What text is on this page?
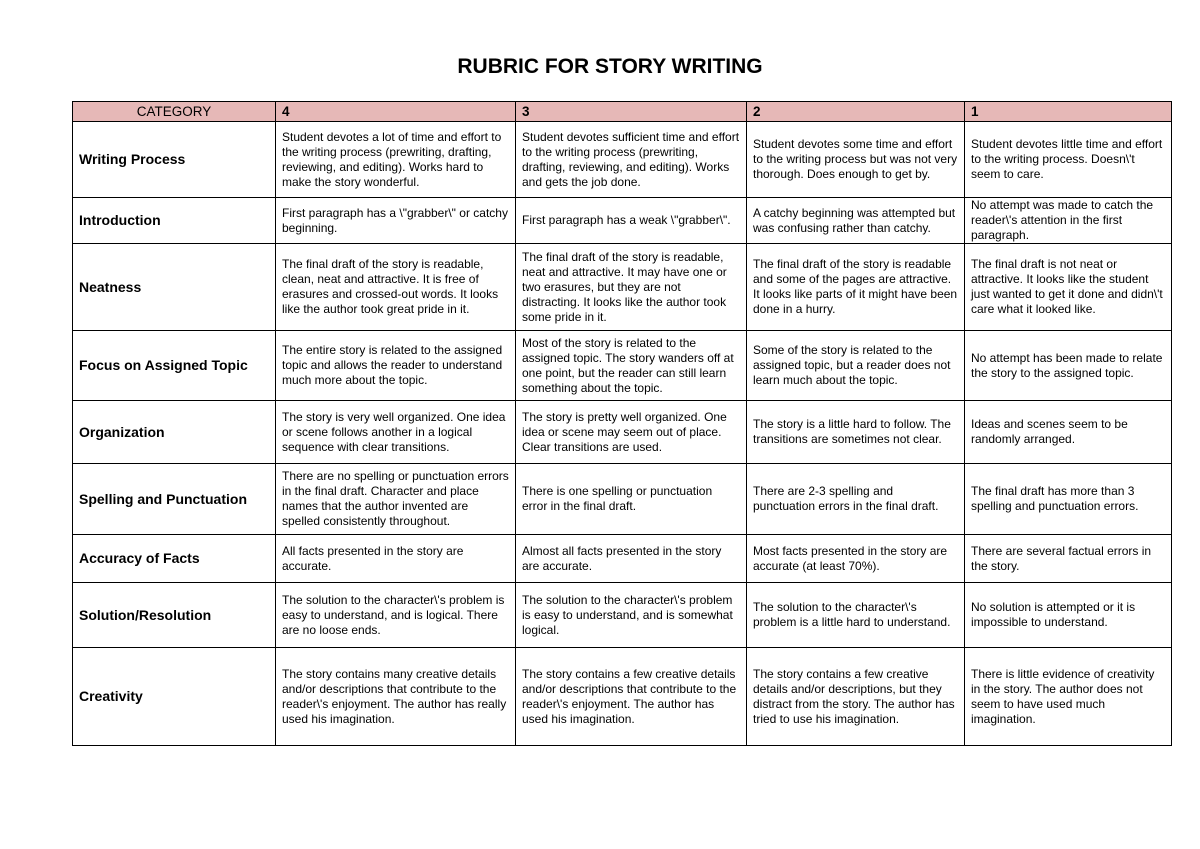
RUBRIC FOR STORY WRITING
CATEGORY	4	3	2	1
Writing Process	Student devotes a lot of time and effort to the writing process (prewriting, drafting, reviewing, and editing). Works hard to make the story wonderful.	Student devotes sufficient time and effort to the writing process (prewriting, drafting, reviewing, and editing). Works and gets the job done.	Student devotes some time and effort to the writing process but was not very thorough. Does enough to get by.	Student devotes little time and effort to the writing process. Doesn\'t seem to care.
Introduction	First paragraph has a \"grabber\" or catchy beginning.	First paragraph has a weak \"grabber\".	A catchy beginning was attempted but was confusing rather than catchy.	No attempt was made to catch the reader\'s attention in the first paragraph.
Neatness	The final draft of the story is readable, clean, neat and attractive. It is free of erasures and crossed-out words. It looks like the author took great pride in it.	The final draft of the story is readable, neat and attractive. It may have one or two erasures, but they are not distracting. It looks like the author took some pride in it.	The final draft of the story is readable and some of the pages are attractive. It looks like parts of it might have been done in a hurry.	The final draft is not neat or attractive. It looks like the student just wanted to get it done and didn\'t care what it looked like.
Focus on Assigned Topic	The entire story is related to the assigned topic and allows the reader to understand much more about the topic.	Most of the story is related to the assigned topic. The story wanders off at one point, but the reader can still learn something about the topic.	Some of the story is related to the assigned topic, but a reader does not learn much about the topic.	No attempt has been made to relate the story to the assigned topic.
Organization	The story is very well organized. One idea or scene follows another in a logical sequence with clear transitions.	The story is pretty well organized. One idea or scene may seem out of place. Clear transitions are used.	The story is a little hard to follow. The transitions are sometimes not clear.	Ideas and scenes seem to be randomly arranged.
Spelling and Punctuation	There are no spelling or punctuation errors in the final draft. Character and place names that the author invented are spelled consistently throughout.	There is one spelling or punctuation error in the final draft.	There are 2-3 spelling and punctuation errors in the final draft.	The final draft has more than 3 spelling and punctuation errors.
Accuracy of Facts	All facts presented in the story are accurate.	Almost all facts presented in the story are accurate.	Most facts presented in the story are accurate (at least 70%).	There are several factual errors in the story.
Solution/Resolution	The solution to the character\'s problem is easy to understand, and is logical. There are no loose ends.	The solution to the character\'s problem is easy to understand, and is somewhat logical.	The solution to the character\'s problem is a little hard to understand.	No solution is attempted or it is impossible to understand.
Creativity	The story contains many creative details and/or descriptions that contribute to the reader\'s enjoyment. The author has really used his imagination.	The story contains a few creative details and/or descriptions that contribute to the reader\'s enjoyment. The author has used his imagination.	The story contains a few creative details and/or descriptions, but they distract from the story. The author has tried to use his imagination.	There is little evidence of creativity in the story. The author does not seem to have used much imagination.
